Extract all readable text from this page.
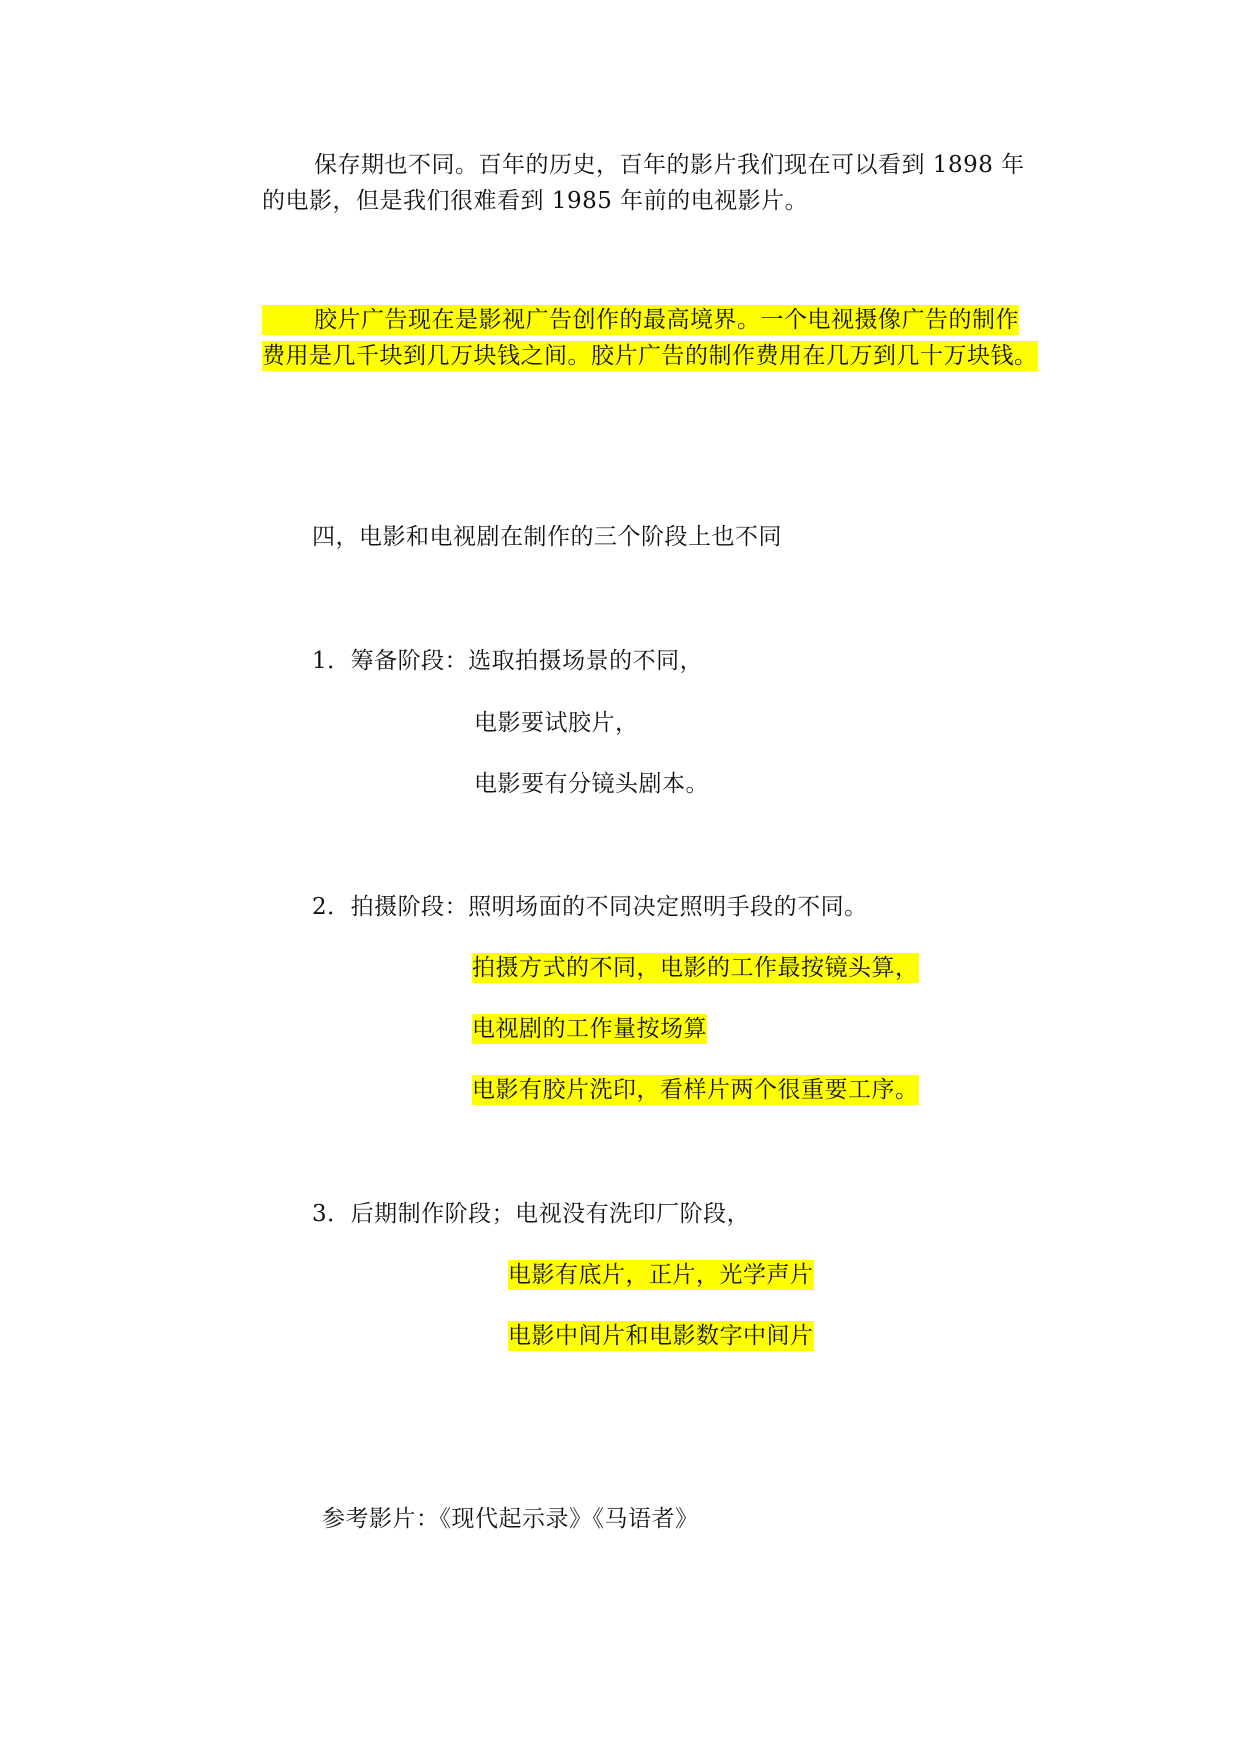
保存期也不同。百年的历史，百年的影片我们现在可以看到 1898 年
的电影，但是我们很难看到 1985 年前的电视影片。
胶片广告现在是影视广告创作的最高境界。一个电视摄像广告的制作
费用是几千块到几万块钱之间。胶片广告的制作费用在几万到几十万块钱。
四，电影和电视剧在制作的三个阶段上也不同
1．筹备阶段：选取拍摄场景的不同，
电影要试胶片，
电影要有分镜头剧本。
2．拍摄阶段：照明场面的不同决定照明手段的不同。
拍摄方式的不同，电影的工作最按镜头算，
电视剧的工作量按场算
电影有胶片洗印，看样片两个很重要工序。
3．后期制作阶段；电视没有洗印厂阶段，
电影有底片，正片，光学声片
电影中间片和电影数字中间片
参考影片：《现代起示录》《马语者》
